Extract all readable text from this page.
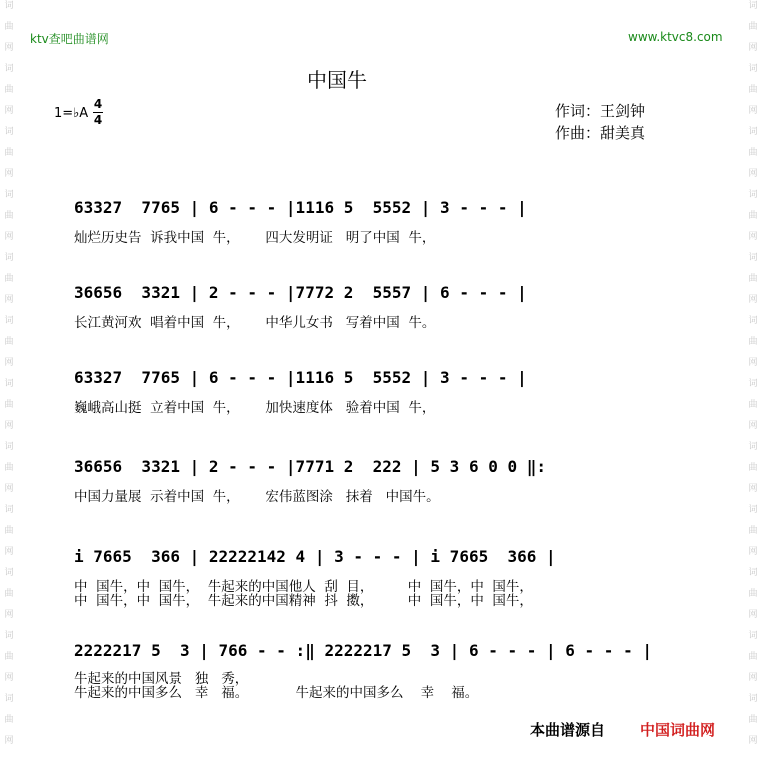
词
曲
网
词
曲
网
词
曲
网
词
曲
网
词
曲
网
词
曲
网
词
曲
网
词
曲
网
词
曲
网
词
曲
网
词
曲
网
词
曲
网
词
曲
网
词
曲
网
词
曲
网
词
曲
网
词
曲
网
词
曲
网
词
曲
网
词
曲
网
词
曲
网
词
曲
网
词
曲
网
词
曲
网
ktv查吧曲谱网	www.ktvc8.com
中国牛
1=♭A
4
4	作词：王剑钟
作曲：甜美真
63327  7765 | 6 - - - |1116 5  5552 | 3 - - - |
灿烂历史告  诉我中国  牛，      四大发明证   明了中国  牛，
36656  3321 | 2 - - - |7772 2  5557 | 6 - - - |
长江黄河欢  唱着中国  牛，      中华儿女书   写着中国  牛。
63327  7765 | 6 - - - |1116 5  5552 | 3 - - - |
巍峨高山挺  立着中国  牛，      加快速度体   验着中国  牛，
36656  3321 | 2 - - - |7771 2  222 | 5 3 6 0 0 ‖:
中国力量展  示着中国  牛，      宏伟蓝图涂   抹着   中国牛。
i 7665  366 | 22222142 4 | 3 - - - | i 7665  366 |
中  国牛，中  国牛，  牛起来的中国他人  刮  目，        中  国牛，中  国牛，
中  国牛，中  国牛，  牛起来的中国精神  抖  擞，        中  国牛，中  国牛，
2222217 5  3 | 766 - - :‖ 2222217 5  3 | 6 - - - | 6 - - - |
牛起来的中国风景   独   秀，
牛起来的中国多么   幸   福。           牛起来的中国多么    幸    福。
本曲谱源自 中国词曲网
